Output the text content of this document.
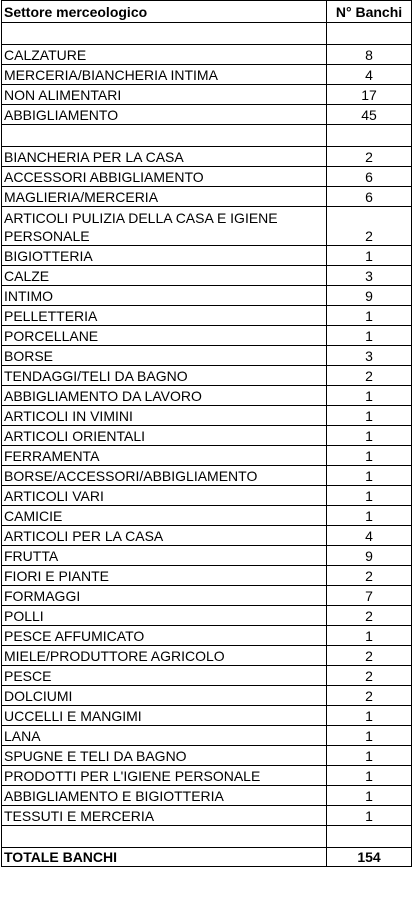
Settore merceologico	N° Banchi

CALZATURE	8
MERCERIA/BIANCHERIA INTIMA	4
NON ALIMENTARI	17
ABBIGLIAMENTO	45

BIANCHERIA PER LA CASA	2
ACCESSORI ABBIGLIAMENTO	6
MAGLIERIA/MERCERIA	6
ARTICOLI PULIZIA DELLA CASA E IGIENE PERSONALE	2
BIGIOTTERIA	1
CALZE	3
INTIMO	9
PELLETTERIA	1
PORCELLANE	1
BORSE	3
TENDAGGI/TELI DA BAGNO	2
ABBIGLIAMENTO DA LAVORO	1
ARTICOLI IN VIMINI	1
ARTICOLI ORIENTALI	1
FERRAMENTA	1
BORSE/ACCESSORI/ABBIGLIAMENTO	1
ARTICOLI VARI	1
CAMICIE	1
ARTICOLI PER LA CASA	4
FRUTTA	9
FIORI E PIANTE	2
FORMAGGI	7
POLLI	2
PESCE AFFUMICATO	1
MIELE/PRODUTTORE AGRICOLO	2
PESCE	2
DOLCIUMI	2
UCCELLI E MANGIMI	1
LANA	1
SPUGNE E TELI DA BAGNO	1
PRODOTTI PER L'IGIENE PERSONALE	1
ABBIGLIAMENTO E BIGIOTTERIA	1
TESSUTI E MERCERIA	1

TOTALE BANCHI	154
